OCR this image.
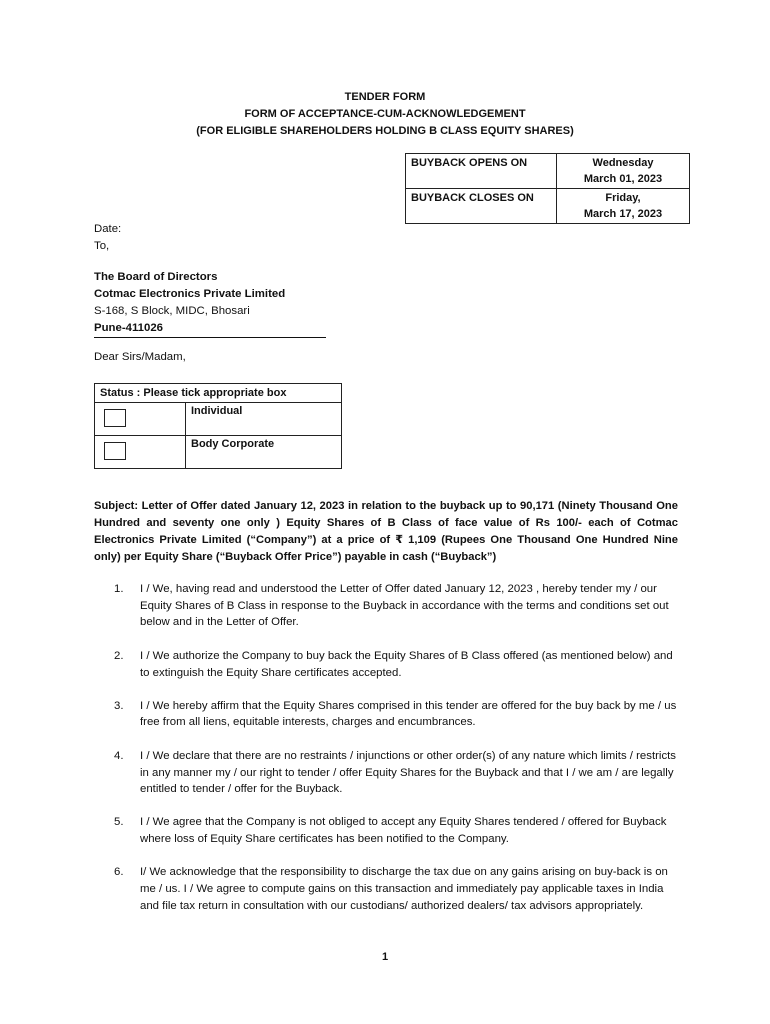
TENDER FORM
FORM OF ACCEPTANCE-CUM-ACKNOWLEDGEMENT
(FOR ELIGIBLE SHAREHOLDERS HOLDING B CLASS EQUITY SHARES)
BUYBACK OPENS ON	Wednesday
March 01, 2023

BUYBACK CLOSES ON	Friday,
March 17, 2023
Date:
To,
The Board of Directors
Cotmac Electronics Private Limited
S-168, S Block, MIDC, Bhosari
Pune-411026
Dear Sirs/Madam,
Status : Please tick appropriate box	

	Individual

	Body Corporate
Subject: Letter of Offer dated January 12, 2023 in relation to the buyback up to 90,171 (Ninety Thousand One Hundred and seventy one only ) Equity Shares of B Class of face value of Rs 100/- each of Cotmac Electronics Private Limited (“Company”) at a price of ₹ 1,109 (Rupees One Thousand One Hundred Nine only) per Equity Share (“Buyback Offer Price”) payable in cash (“Buyback”)
1. I / We, having read and understood the Letter of Offer dated January 12, 2023 , hereby tender my / our Equity Shares of B Class in response to the Buyback in accordance with the terms and conditions set out below and in the Letter of Offer.
2. I / We authorize the Company to buy back the Equity Shares of B Class offered (as mentioned below) and to extinguish the Equity Share certificates accepted.
3. I / We hereby affirm that the Equity Shares comprised in this tender are offered for the buy back by me / us free from all liens, equitable interests, charges and encumbrances.
4. I / We declare that there are no restraints / injunctions or other order(s) of any nature which limits / restricts in any manner my / our right to tender / offer Equity Shares for the Buyback and that I / we am / are legally entitled to tender / offer for the Buyback.
5. I / We agree that the Company is not obliged to accept any Equity Shares tendered / offered for Buyback where loss of Equity Share certificates has been notified to the Company.
6. I/ We acknowledge that the responsibility to discharge the tax due on any gains arising on buy-back is on me / us. I / We agree to compute gains on this transaction and immediately pay applicable taxes in India and file tax return in consultation with our custodians/ authorized dealers/ tax advisors appropriately.
1
